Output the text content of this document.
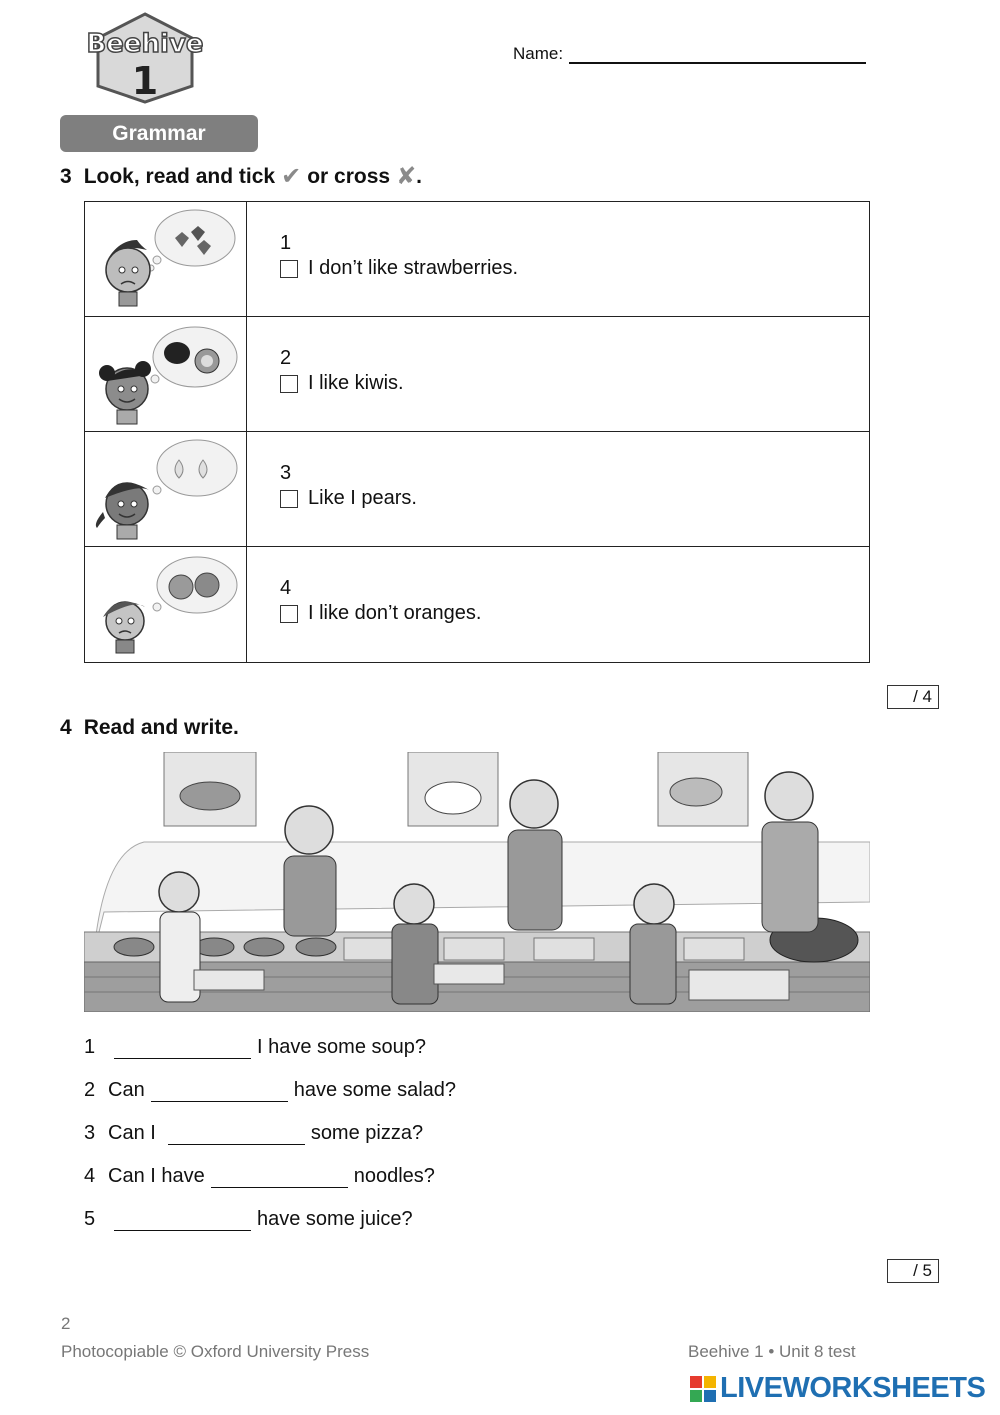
Beehive
1
Name:
Grammar
3 Look, read and tick ✔ or cross ✘ .
1
I don’t like strawberries.
2
I like kiwis.
3
Like I pears.
4
I like don’t oranges.
/ 4
4 Read and write.
1	I have some soup?
2 Can	have some salad?
3 Can I	some pizza?
4 Can I have	noodles?
5	have some juice?
/ 5
2
Photocopiable © Oxford University Press	Beehive 1 • Unit 8 test
LIVEWORKSHEETS
